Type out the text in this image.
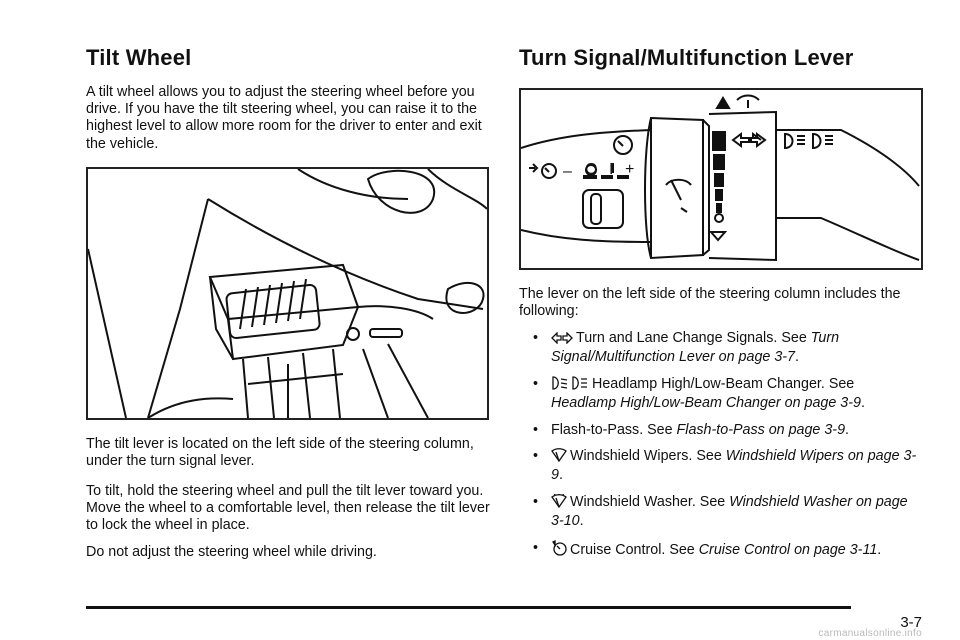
Tilt Wheel

A tilt wheel allows you to adjust the steering wheel before you drive. If you have the tilt steering wheel, you can raise it to the highest level to allow more room for the driver to enter and exit the vehicle.

The tilt lever is located on the left side of the steering column, under the turn signal lever.

To tilt, hold the steering wheel and pull the tilt lever toward you. Move the wheel to a comfortable level, then release the tilt lever to lock the wheel in place.

Do not adjust the steering wheel while driving.

Turn Signal/Multifunction Lever
– O I +

The lever on the left side of the steering column includes the following:

•	Turn and Lane Change Signals. See Turn Signal/Multifunction Lever on page 3-7.
•	Headlamp High/Low-Beam Changer. See Headlamp High/Low-Beam Changer on page 3-9.
• Flash-to-Pass. See Flash-to-Pass on page 3-9.
• Windshield Wipers. See Windshield Wipers on page 3-9.
• Windshield Washer. See Windshield Washer on page 3-10.
• Cruise Control. See Cruise Control on page 3-11.
3-7
carmanualsonline.info
